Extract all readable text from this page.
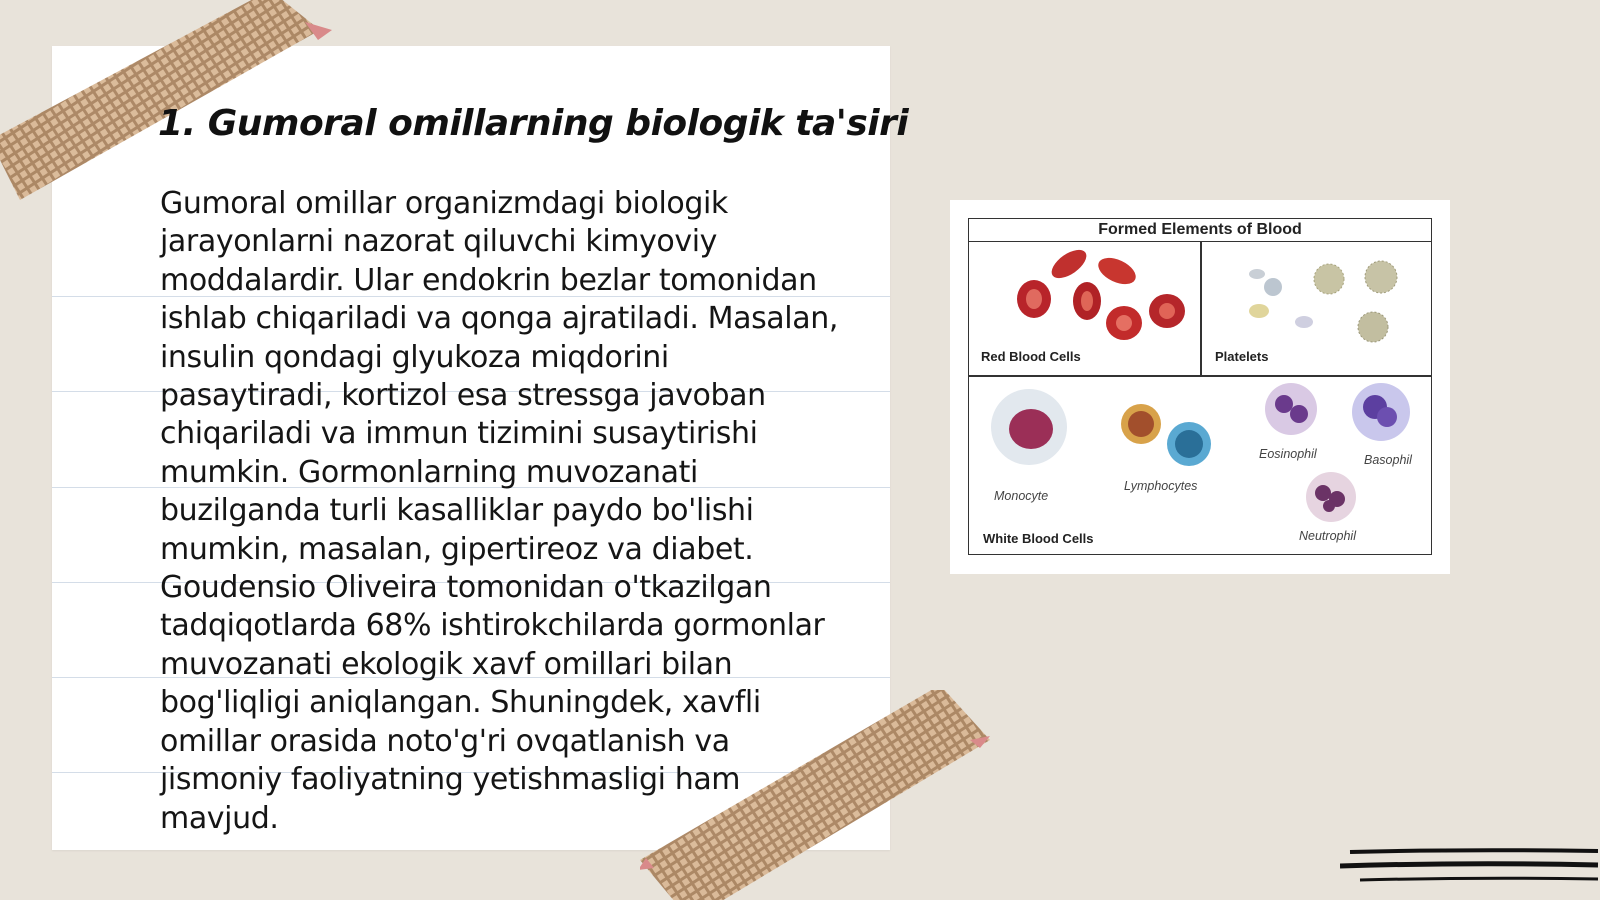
1. Gumoral omillarning biologik ta'siri

Gumoral omillar organizmdagi biologik jarayonlarni nazorat qiluvchi kimyoviy moddalardir. Ular endokrin bezlar tomonidan ishlab chiqariladi va qonga ajratiladi. Masalan, insulin qondagi glyukoza miqdorini pasaytiradi, kortizol esa stressga javoban chiqariladi va immun tizimini susaytirishi mumkin. Gormonlarning muvozanati buzilganda turli kasalliklar paydo bo'lishi mumkin, masalan, gipertireoz va diabet. Goudensio Oliveira tomonidan o'tkazilgan tadqiqotlarda 68% ishtirokchilarda gormonlar muvozanati ekologik xavf omillari bilan bog'liqligi aniqlangan. Shuningdek, xavfli omillar orasida noto'g'ri ovqatlanish va jismoniy faoliyatning yetishmasligi ham mavjud.

Formed Elements of Blood
Red Blood Cells	Platelets
Monocyte
Lymphocytes
Eosinophil	Basophil
Neutrophil
White Blood Cells
